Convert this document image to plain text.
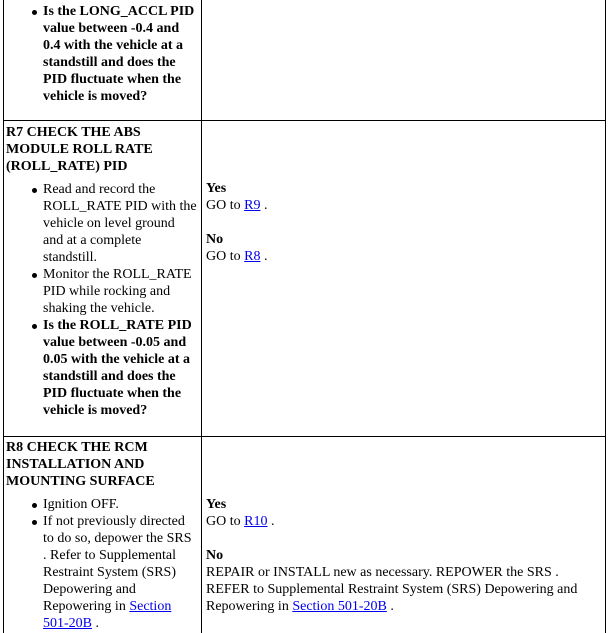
Is the LONG_ACCL PID value between -0.4 and 0.4 with the vehicle at a standstill and does the PID fluctuate when the vehicle is moved?
R7 CHECK THE ABS MODULE ROLL RATE (ROLL_RATE) PID
Read and record the ROLL_RATE PID with the vehicle on level ground and at a complete standstill.
Monitor the ROLL_RATE PID while rocking and shaking the vehicle.
Is the ROLL_RATE PID value between -0.05 and 0.05 with the vehicle at a standstill and does the PID fluctuate when the vehicle is moved?

Yes

GO to R9 .

No

GO to R8 .

R8 CHECK THE RCM INSTALLATION AND MOUNTING SURFACE
Ignition OFF.
If not previously directed to do so, depower the SRS . Refer to Supplemental Restraint System (SRS) Depowering and Repowering in Section 501-20B .

Yes

GO to R10 .

No

REPAIR or INSTALL new as necessary. REPOWER the SRS . REFER to Supplemental Restraint System (SRS) Depowering and Repowering in Section 501-20B .
